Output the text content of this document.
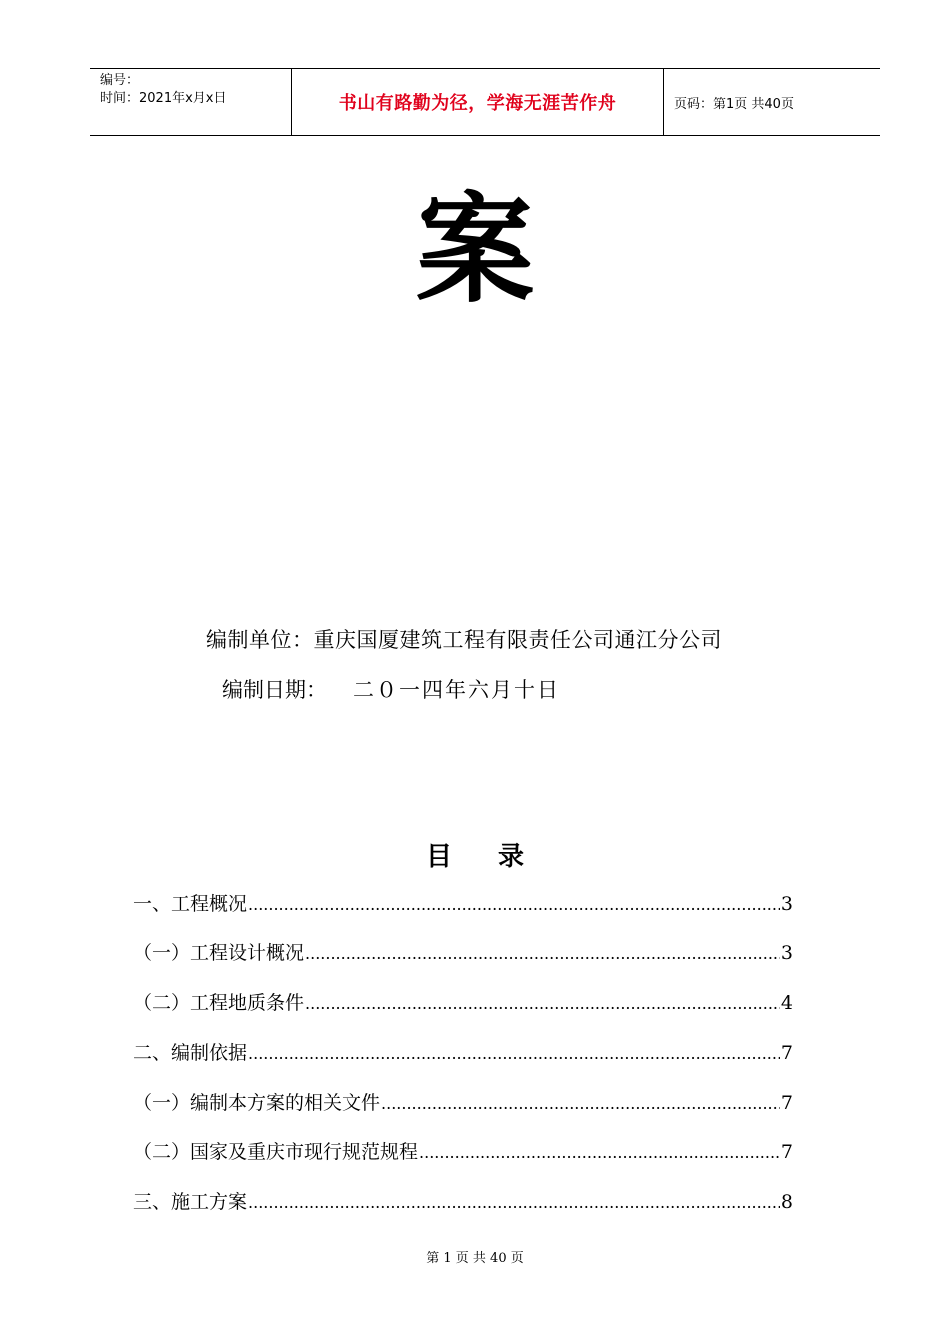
编号：
时间：2021年x月x日	书山有路勤为径，学海无涯苦作舟	页码：第1页 共40页
案
编制单位：重庆国厦建筑工程有限责任公司通江分公司
编制日期： 二０一四年六月十日
目录
一、工程概况 .....	3
（一）工程设计概况 .....	3
（二）工程地质条件 .....	4
二、编制依据 .....	7
（一）编制本方案的相关文件 .....	7
（二）国家及重庆市现行规范规程 .....	7
三、施工方案 .....	8
第 1 页 共 40 页
